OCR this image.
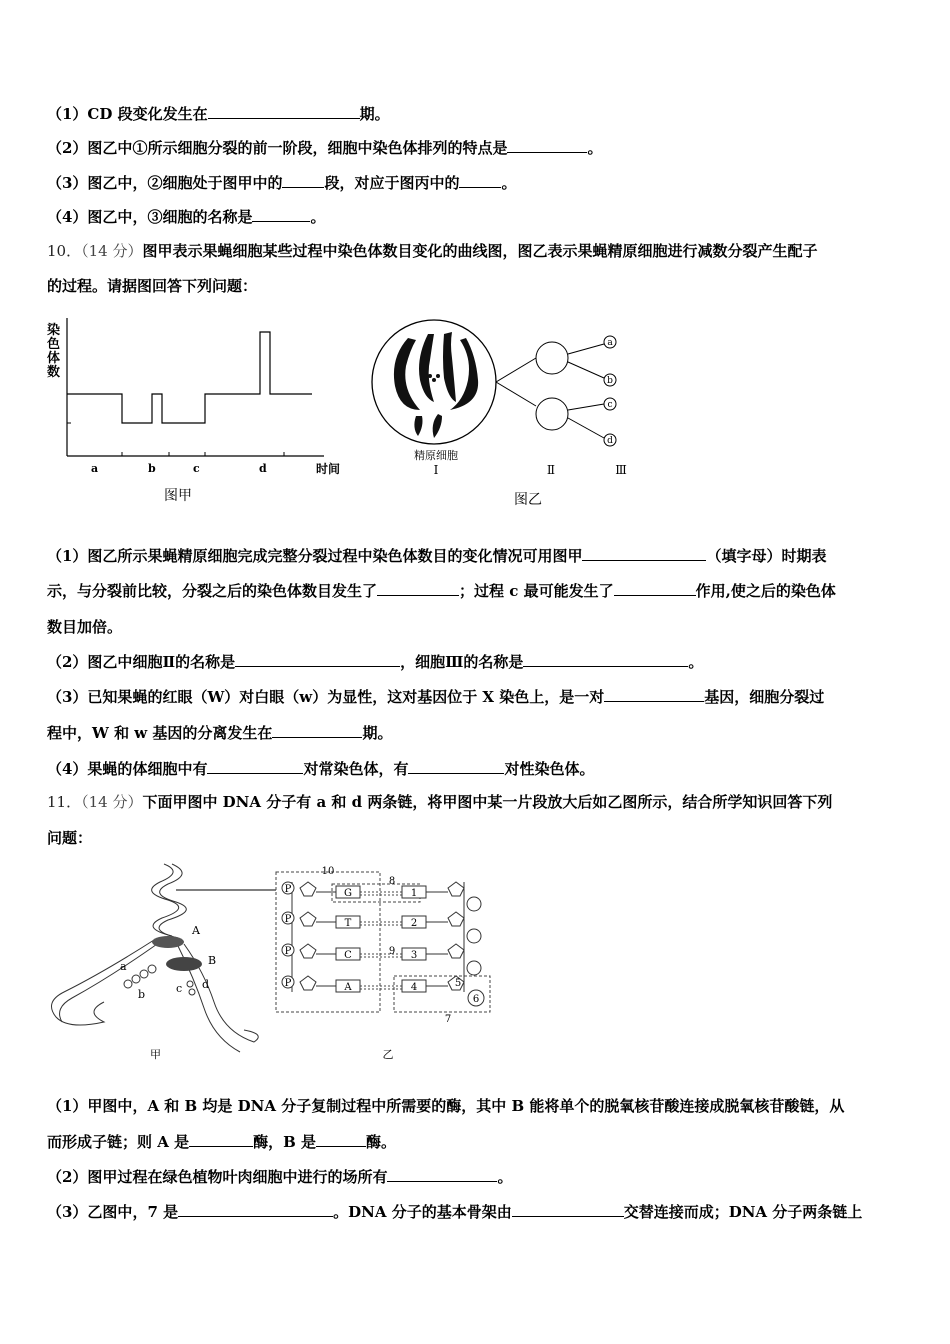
（1）CD 段变化发生在	期。
（2）图乙中①所示细胞分裂的前一阶段，细胞中染色体排列的特点是	。
（3）图乙中，②细胞处于图甲中的	段，对应于图丙中的	。
（4）图乙中，③细胞的名称是	。
10．（14 分）图甲表示果蝇细胞某些过程中染色体数目变化的曲线图，图乙表示果蝇精原细胞进行减数分裂产生配子
的过程。请据图回答下列问题：
染
色
体
数
a	b	c	d	时间
图甲
精原细胞
a
b
c
d
Ⅰ	Ⅱ	Ⅲ
图乙
（1）图乙所示果蝇精原细胞完成完整分裂过程中染色体数目的变化情况可用图甲	（填字母）时期表
示，与分裂前比较，分裂之后的染色体数目发生了	；过程 c 最可能发生了	作用,使之后的染色体
数目加倍。
（2）图乙中细胞Ⅱ的名称是	，细胞Ⅲ的名称是	。
（3）已知果蝇的红眼（W）对白眼（w）为显性，这对基因位于 X 染色上，是一对	基因，细胞分裂过
程中，W 和 w 基因的分离发生在	期。
（4）果蝇的体细胞中有	对常染色体，有	对性染色体。
11．（14 分）下面甲图中 DNA 分子有 a 和 d 两条链，将甲图中某一片段放大后如乙图所示，结合所学知识回答下列
问题：
A
B
a
b	c d
甲
P
P
P
P
G
T
C
A
1
2
3
4	5
6
7
8
9
10
乙
（1）甲图中，A 和 B 均是 DNA 分子复制过程中所需要的酶，其中 B 能将单个的脱氧核苷酸连接成脱氧核苷酸链，从
而形成子链；则 A 是	酶，B 是	酶。
（2）图甲过程在绿色植物叶肉细胞中进行的场所有	。
（3）乙图中，7 是	。DNA 分子的基本骨架由	交替连接而成；DNA 分子两条链上
